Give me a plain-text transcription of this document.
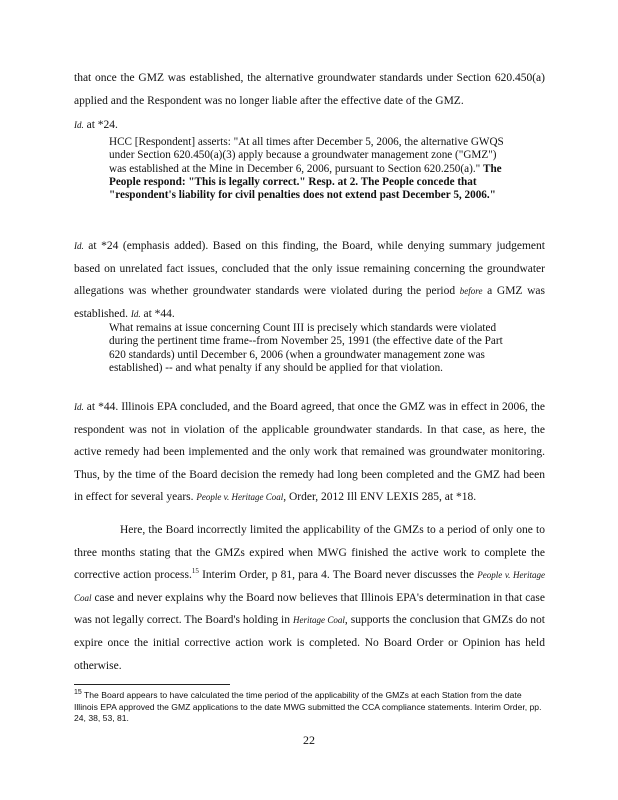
that once the GMZ was established, the alternative groundwater standards under Section 620.450(a) applied and the Respondent was no longer liable after the effective date of the GMZ.
Id. at *24.
HCC [Respondent] asserts: "At all times after December 5, 2006, the alternative GWQS under Section 620.450(a)(3) apply because a groundwater management zone ("GMZ") was established at the Mine in December 6, 2006, pursuant to Section 620.250(a)." The People respond: "This is legally correct." Resp. at 2. The People concede that "respondent's liability for civil penalties does not extend past December 5, 2006."
Id. at *24 (emphasis added). Based on this finding, the Board, while denying summary judgement based on unrelated fact issues, concluded that the only issue remaining concerning the groundwater allegations was whether groundwater standards were violated during the period before a GMZ was established. Id. at *44.
What remains at issue concerning Count III is precisely which standards were violated during the pertinent time frame--from November 25, 1991 (the effective date of the Part 620 standards) until December 6, 2006 (when a groundwater management zone was established) -- and what penalty if any should be applied for that violation.
Id. at *44. Illinois EPA concluded, and the Board agreed, that once the GMZ was in effect in 2006, the respondent was not in violation of the applicable groundwater standards. In that case, as here, the active remedy had been implemented and the only work that remained was groundwater monitoring. Thus, by the time of the Board decision the remedy had long been completed and the GMZ had been in effect for several years. People v. Heritage Coal, Order, 2012 Ill ENV LEXIS 285, at *18.
Here, the Board incorrectly limited the applicability of the GMZs to a period of only one to three months stating that the GMZs expired when MWG finished the active work to complete the corrective action process.$^{15}$ Interim Order, p 81, para 4. The Board never discusses the People v. Heritage Coal case and never explains why the Board now believes that Illinois EPA's determination in that case was not legally correct. The Board's holding in Heritage Coal, supports the conclusion that GMZs do not expire once the initial corrective action work is completed. No Board Order or Opinion has held otherwise.
$^{15}$ The Board appears to have calculated the time period of the applicability of the GMZs at each Station from the date Illinois EPA approved the GMZ applications to the date MWG submitted the CCA compliance statements. Interim Order, pp. 24, 38, 53, 81.
22
